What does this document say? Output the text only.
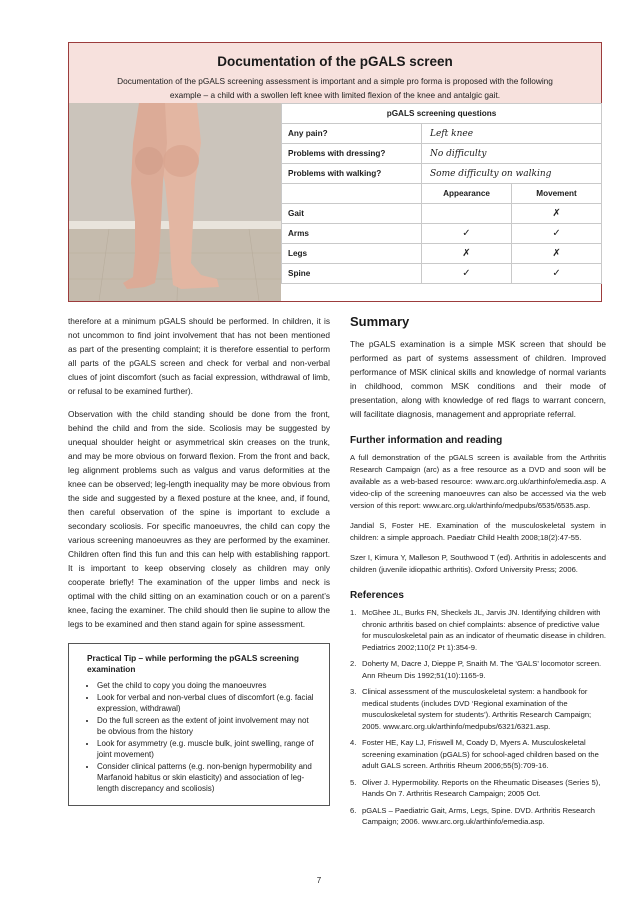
Documentation of the pGALS screen
Documentation of the pGALS screening assessment is important and a simple pro forma is proposed with the following example – a child with a swollen left knee with limited flexion of the knee and antalgic gait.
pGALS screening questions		
Any pain?	Left knee	
Problems with dressing?	No difficulty	
Problems with walking?	Some difficulty on walking	
	Appearance	Movement
Gait		✗
Arms	✓	✓
Legs	✗	✗
Spine	✓	✓

therefore at a minimum pGALS should be performed. In children, it is not uncommon to find joint involvement that has not been mentioned as part of the presenting complaint; it is therefore essential to perform all parts of the pGALS screen and check for verbal and non-verbal clues of joint discomfort (such as facial expression, withdrawal of limb, or refusal to be examined further).

Observation with the child standing should be done from the front, behind the child and from the side. Scoliosis may be suggested by unequal shoulder height or asymmetrical skin creases on the trunk, and may be more obvious on forward flexion. From the front and back, leg alignment problems such as valgus and varus deformities at the knee can be observed; leg-length inequality may be more obvious from the side and suggested by a flexed posture at the knee, and, if found, then careful observation of the spine is important to exclude a secondary scoliosis. For specific manoeuvres, the child can copy the various screening manoeuvres as they are performed by the examiner. Children often find this fun and this can help with establishing rapport. It is important to keep observing closely as children may only cooperate briefly! The examination of the upper limbs and neck is optimal with the child sitting on an examination couch or on a parent’s knee, facing the examiner. The child should then lie supine to allow the legs to be examined and then stand again for spine assessment.

Practical Tip – while performing the pGALS screening examination
• Get the child to copy you doing the manoeuvres
• Look for verbal and non-verbal clues of discomfort (e.g. facial expression, withdrawal)
• Do the full screen as the extent of joint involvement may not be obvious from the history
• Look for asymmetry (e.g. muscle bulk, joint swelling, range of joint movement)
• Consider clinical patterns (e.g. non-benign hypermobility and Marfanoid habitus or skin elasticity) and association of leg-length discrepancy and scoliosis)
Summary

The pGALS examination is a simple MSK screen that should be performed as part of systems assessment of children. Improved performance of MSK clinical skills and knowledge of normal variants in childhood, common MSK conditions and their mode of presentation, along with knowledge of red flags to warrant concern, will facilitate diagnosis, management and appropriate referral.

Further information and reading

A full demonstration of the pGALS screen is available from the Arthritis Research Campaign (arc) as a free resource as a DVD and soon will be available as a web-based resource: www.arc.org.uk/arthinfo/emedia.asp. A video-clip of the screening manoeuvres can also be accessed via the web version of this report: www.arc.org.uk/arthinfo/medpubs/6535/6535.asp.

Jandial S, Foster HE. Examination of the musculoskeletal system in children: a simple approach. Paediatr Child Health 2008;18(2):47-55.

Szer I, Kimura Y, Malleson P, Southwood T (ed). Arthritis in adolescents and children (juvenile idiopathic arthritis). Oxford University Press; 2006.

References
1. McGhee JL, Burks FN, Sheckels JL, Jarvis JN. Identifying children with chronic arthritis based on chief complaints: absence of predictive value for musculoskeletal pain as an indicator of rheumatic disease in children. Pediatrics 2002;110(2 Pt 1):354-9.
2. Doherty M, Dacre J, Dieppe P, Snaith M. The ‘GALS’ locomotor screen. Ann Rheum Dis 1992;51(10):1165-9.
3. Clinical assessment of the musculoskeletal system: a handbook for medical students (includes DVD ‘Regional examination of the musculoskeletal system for students’). Arthritis Research Campaign; 2005. www.arc.org.uk/arthinfo/medpubs/6321/6321.asp.
4. Foster HE, Kay LJ, Friswell M, Coady D, Myers A. Musculoskeletal screening examination (pGALS) for school-aged children based on the adult GALS screen. Arthritis Rheum 2006;55(5):709-16.
5. Oliver J. Hypermobility. Reports on the Rheumatic Diseases (Series 5), Hands On 7. Arthritis Research Campaign; 2005 Oct.
6. pGALS – Paediatric Gait, Arms, Legs, Spine. DVD. Arthritis Research Campaign; 2006. www.arc.org.uk/arthinfo/emedia.asp.
7
